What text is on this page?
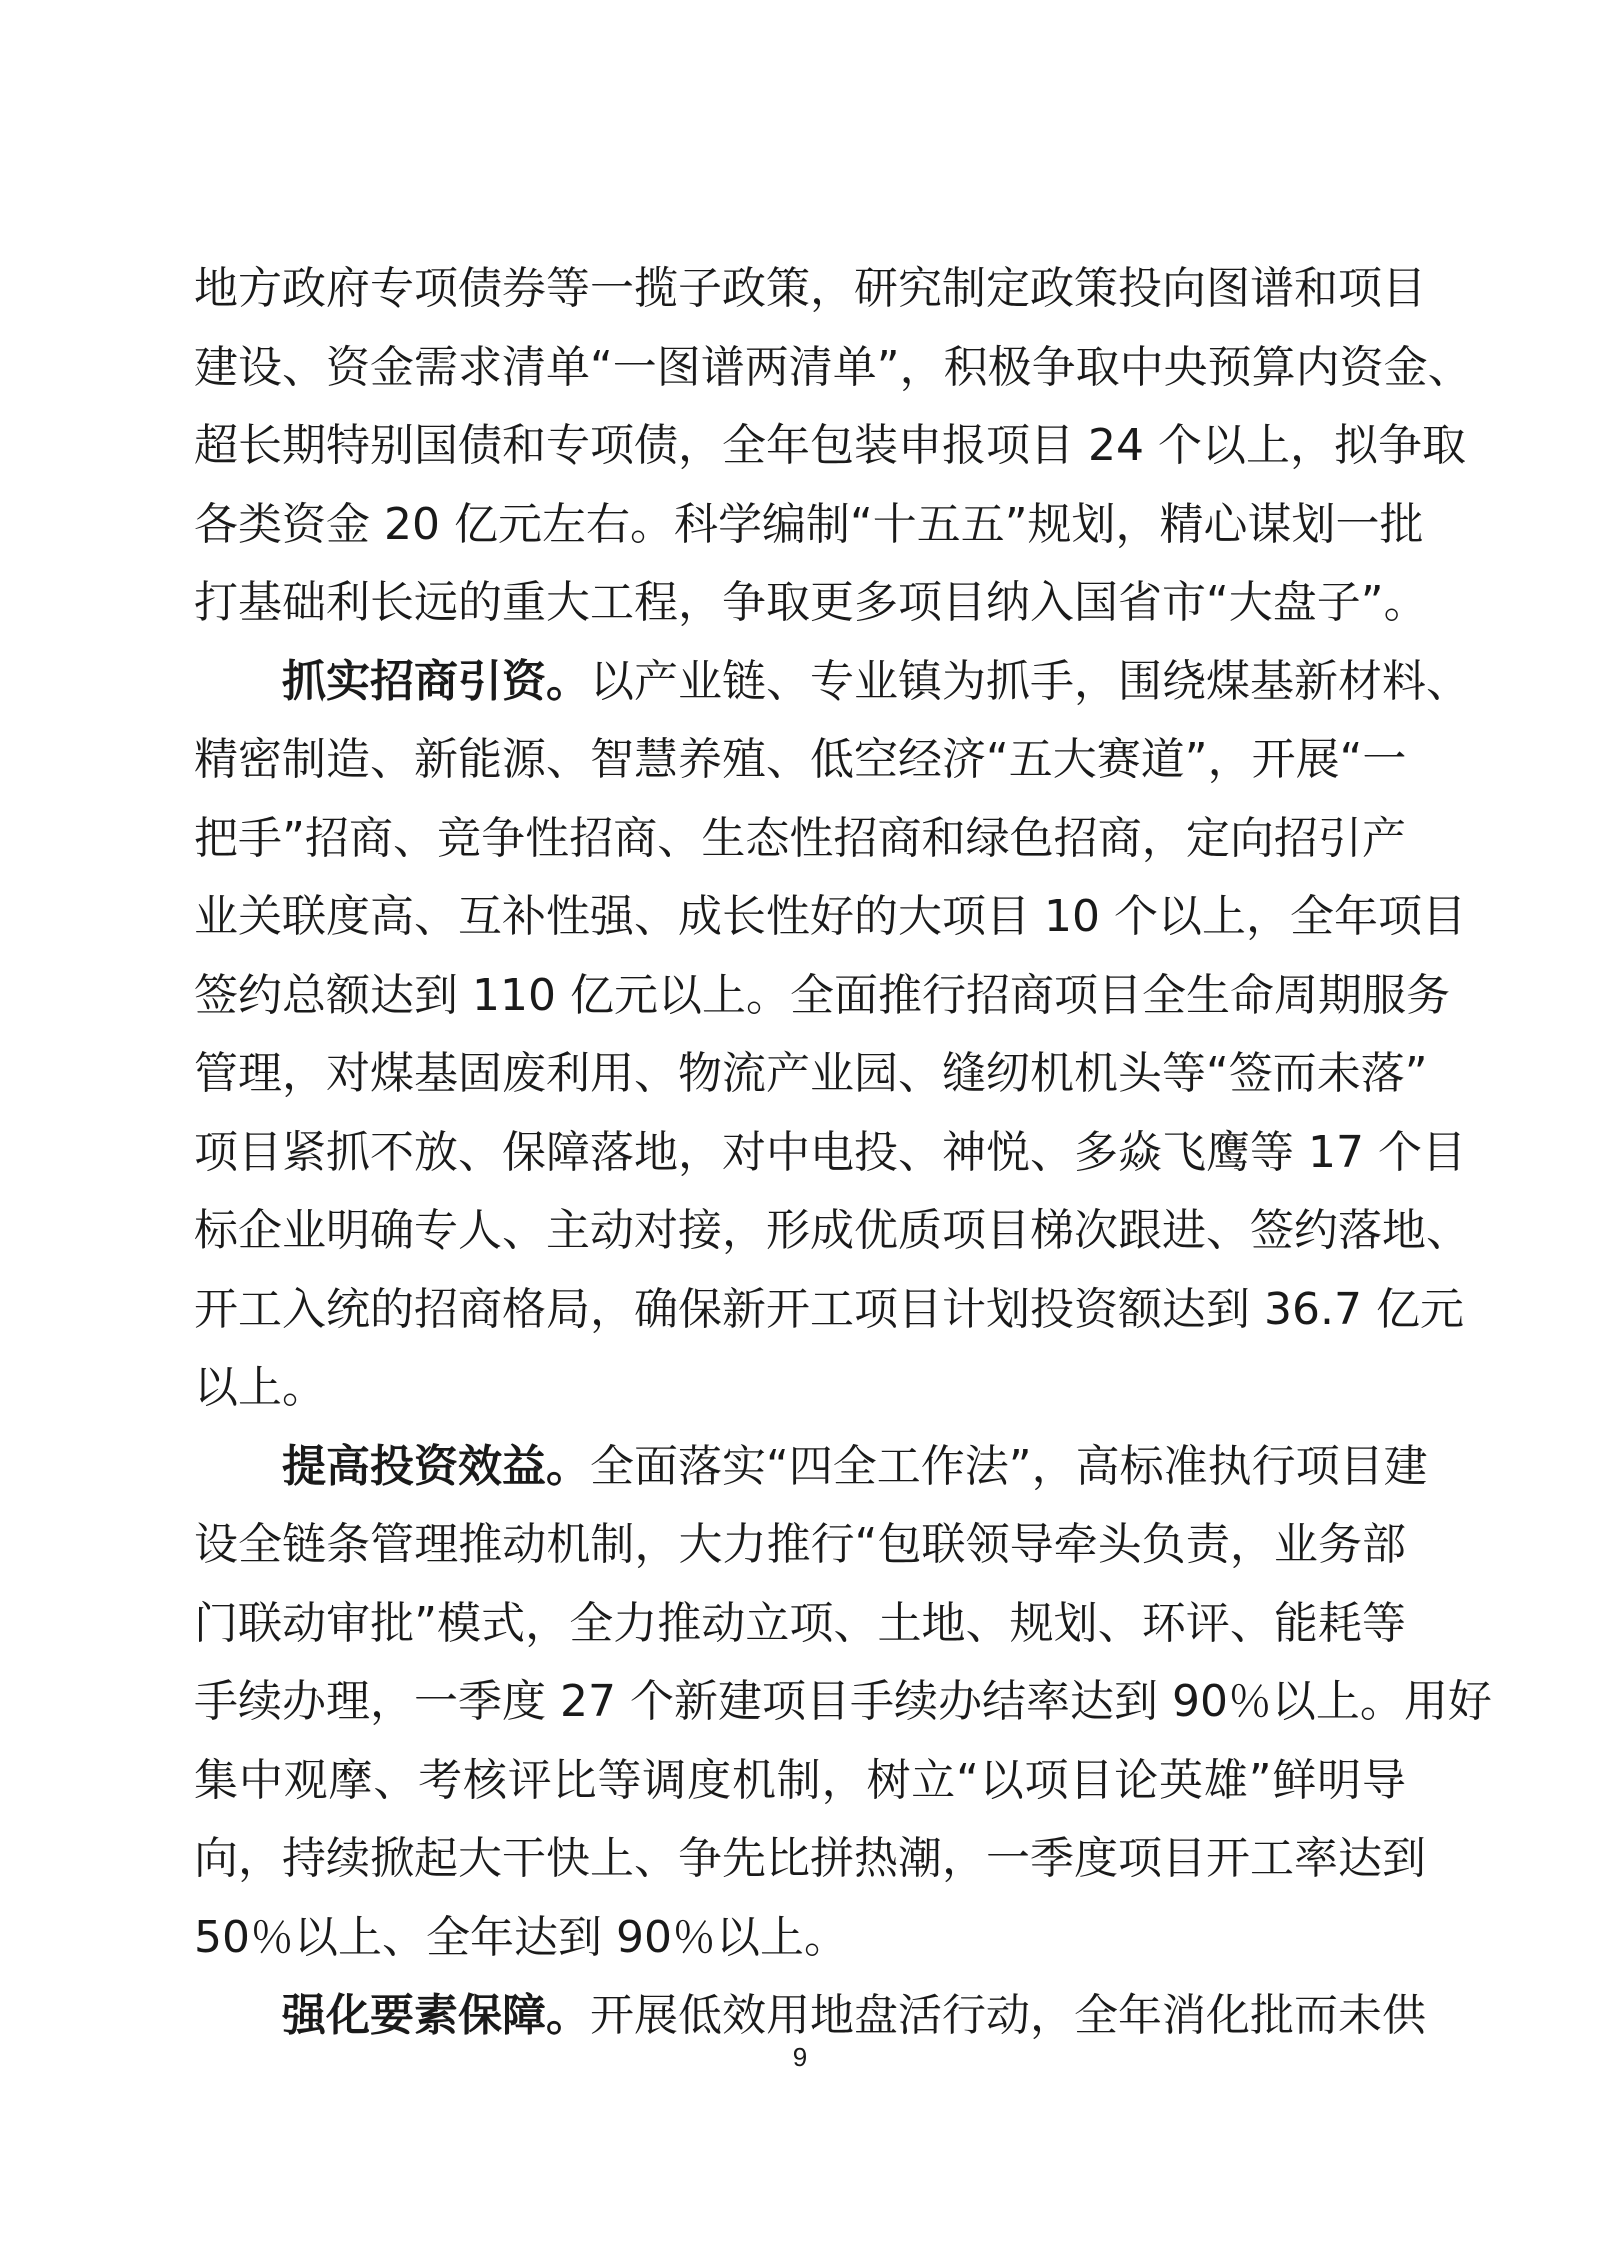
地方政府专项债券等一揽子政策，研究制定政策投向图谱和项目
建设、资金需求清单“一图谱两清单”，积极争取中央预算内资金、
超长期特别国债和专项债，全年包装申报项目 24 个以上，拟争取
各类资金 20 亿元左右。科学编制“十五五”规划，精心谋划一批
打基础利长远的重大工程，争取更多项目纳入国省市“大盘子”。
抓实招商引资。以产业链、专业镇为抓手，围绕煤基新材料、
精密制造、新能源、智慧养殖、低空经济“五大赛道”，开展“一
把手”招商、竞争性招商、生态性招商和绿色招商，定向招引产
业关联度高、互补性强、成长性好的大项目 10 个以上，全年项目
签约总额达到 110 亿元以上。全面推行招商项目全生命周期服务
管理，对煤基固废利用、物流产业园、缝纫机机头等“签而未落”
项目紧抓不放、保障落地，对中电投、神悦、多焱飞鹰等 17 个目
标企业明确专人、主动对接，形成优质项目梯次跟进、签约落地、
开工入统的招商格局，确保新开工项目计划投资额达到 36.7 亿元
以上。
提高投资效益。全面落实“四全工作法”，高标准执行项目建
设全链条管理推动机制，大力推行“包联领导牵头负责，业务部
门联动审批”模式，全力推动立项、土地、规划、环评、能耗等
手续办理，一季度 27 个新建项目手续办结率达到 90％以上。用好
集中观摩、考核评比等调度机制，树立“以项目论英雄”鲜明导
向，持续掀起大干快上、争先比拼热潮，一季度项目开工率达到
50％以上、全年达到 90％以上。
强化要素保障。开展低效用地盘活行动，全年消化批而未供
9
